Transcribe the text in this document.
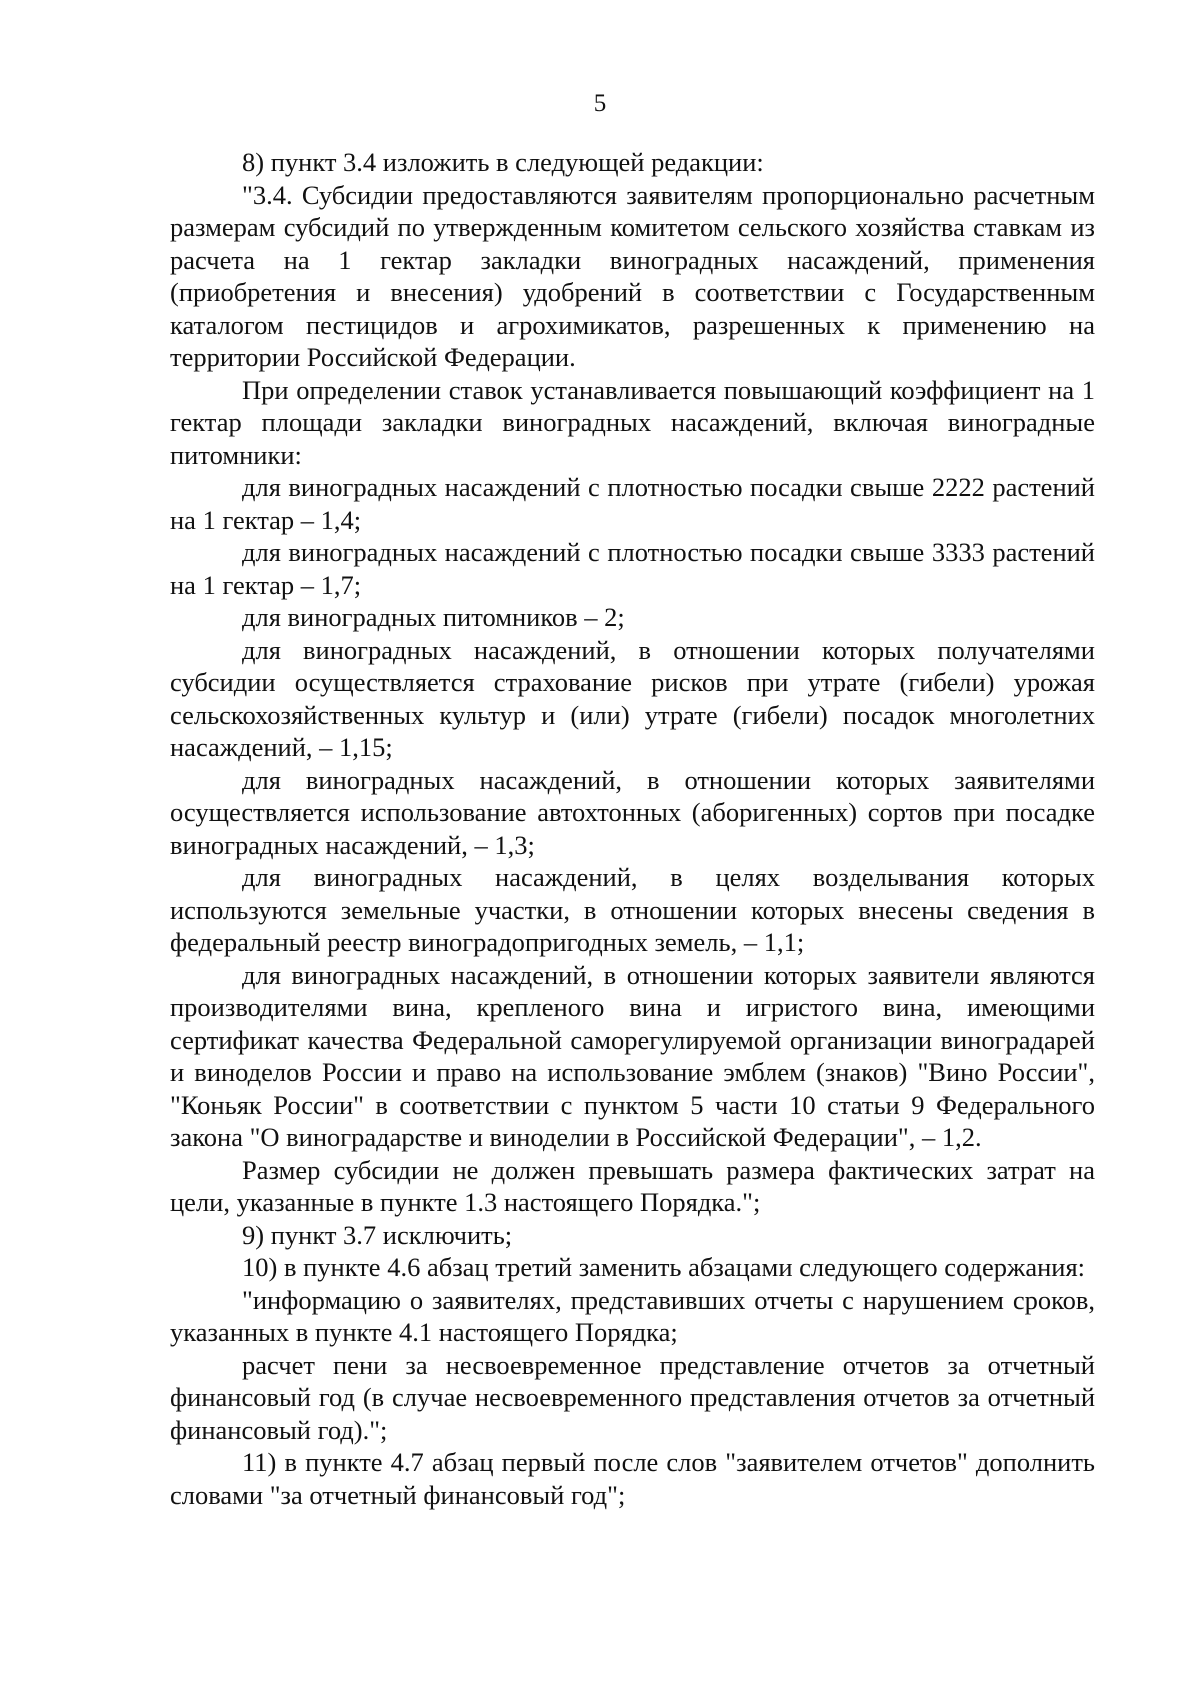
5

8) пункт 3.4 изложить в следующей редакции:

"3.4. Субсидии предоставляются заявителям пропорционально расчетным размерам субсидий по утвержденным комитетом сельского хозяйства ставкам из расчета на 1 гектар закладки виноградных насаждений, применения (приобретения и внесения) удобрений в соответствии с Государственным каталогом пестицидов и агрохимикатов, разрешенных к применению на территории Российской Федерации.

При определении ставок устанавливается повышающий коэффициент на 1 гектар площади закладки виноградных насаждений, включая виноградные питомники:

для виноградных насаждений с плотностью посадки свыше 2222 растений на 1 гектар – 1,4;

для виноградных насаждений с плотностью посадки свыше 3333 растений на 1 гектар – 1,7;

для виноградных питомников – 2;

для виноградных насаждений, в отношении которых получателями субсидии осуществляется страхование рисков при утрате (гибели) урожая сельскохозяйственных культур и (или) утрате (гибели) посадок многолетних насаждений, – 1,15;

для виноградных насаждений, в отношении которых заявителями осуществляется использование автохтонных (аборигенных) сортов при посадке виноградных насаждений, – 1,3;

для виноградных насаждений, в целях возделывания которых используются земельные участки, в отношении которых внесены сведения в федеральный реестр виноградопригодных земель, – 1,1;

для виноградных насаждений, в отношении которых заявители являются производителями вина, крепленого вина и игристого вина, имеющими сертификат качества Федеральной саморегулируемой организации виноградарей и виноделов России и право на использование эмблем (знаков) "Вино России", "Коньяк России" в соответствии с пунктом 5 части 10 статьи 9 Федерального закона "О виноградарстве и виноделии в Российской Федерации", – 1,2.

Размер субсидии не должен превышать размера фактических затрат на цели, указанные в пункте 1.3 настоящего Порядка.";

9) пункт 3.7 исключить;

10) в пункте 4.6 абзац третий заменить абзацами следующего содержания:

"информацию о заявителях, представивших отчеты с нарушением сроков, указанных в пункте 4.1 настоящего Порядка;

расчет пени за несвоевременное представление отчетов за отчетный финансовый год (в случае несвоевременного представления отчетов за отчетный финансовый год).";

11) в пункте 4.7 абзац первый после слов "заявителем отчетов" дополнить словами "за отчетный финансовый год";
